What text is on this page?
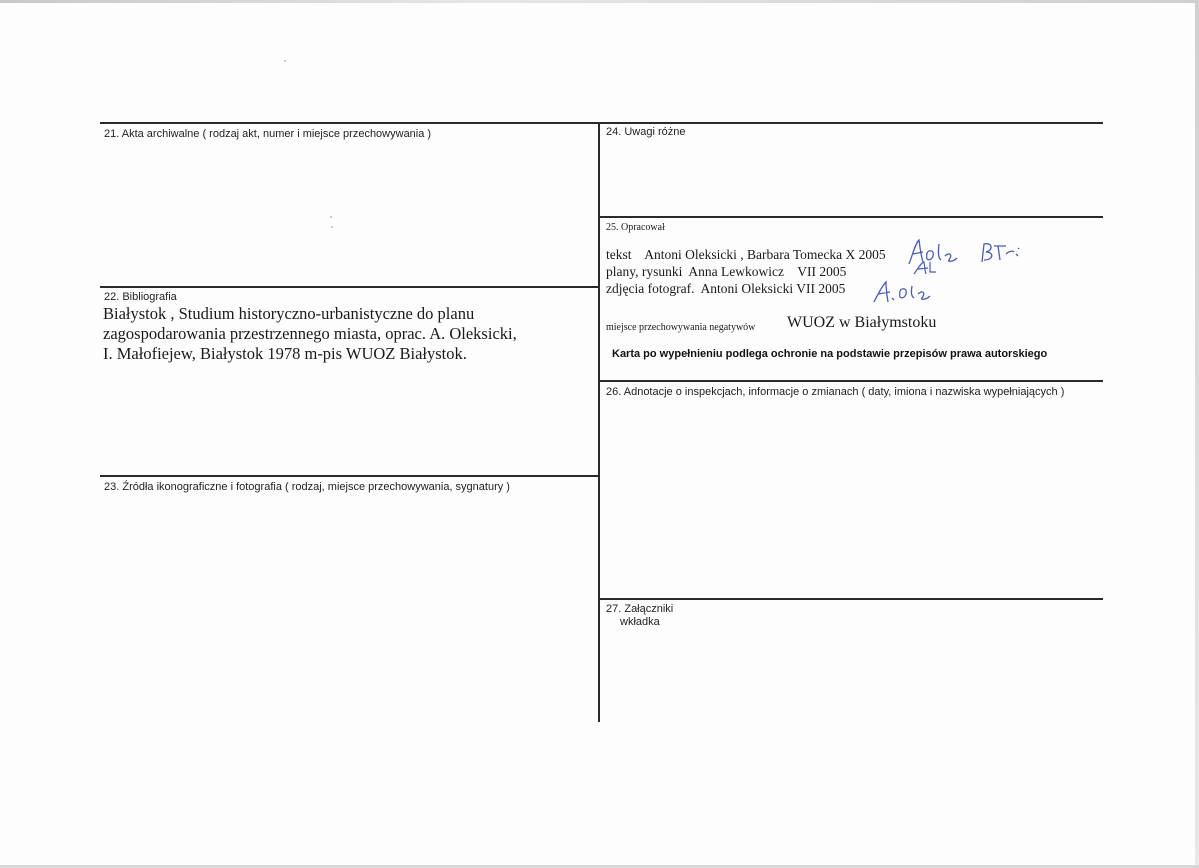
21. Akta archiwalne ( rodzaj akt, numer i miejsce przechowywania )
22. Bibliografia
Białystok , Studium historyczno-urbanistyczne do planu
zagospodarowania przestrzennego miasta, oprac. A. Oleksicki,
I. Małofiejew, Białystok 1978 m-pis WUOZ Białystok.
23. Źródła ikonograficzne i fotografia ( rodzaj, miejsce przechowywania, sygnatury )
24. Uwagi różne
25. Opracował
tekst    Antoni Oleksicki , Barbara Tomecka X 2005
plany, rysunki  Anna Lewkowicz    VII 2005
zdjęcia fotograf.  Antoni Oleksicki VII 2005
miejsce przechowywania negatywów WUOZ w Białymstoku
Karta po wypełnieniu podlega ochronie na podstawie przepisów prawa autorskiego
26. Adnotacje o inspekcjach, informacje o zmianach ( daty, imiona i nazwiska wypełniających )
27. Załączniki
wkładka
